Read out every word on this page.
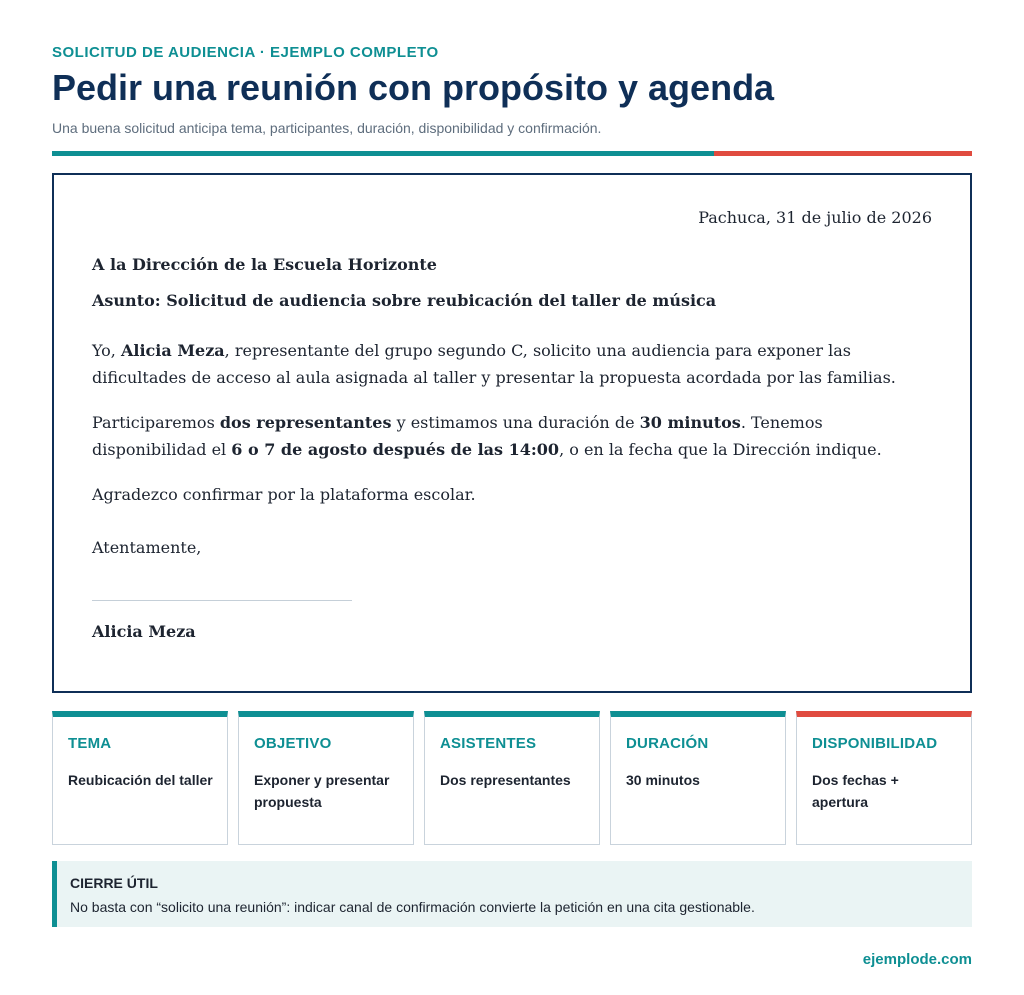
SOLICITUD DE AUDIENCIA · EJEMPLO COMPLETO
Pedir una reunión con propósito y agenda
Una buena solicitud anticipa tema, participantes, duración, disponibilidad y confirmación.
Pachuca, 31 de julio de 2026
A la Dirección de la Escuela Horizonte
Asunto: Solicitud de audiencia sobre reubicación del taller de música

Yo, Alicia Meza, representante del grupo segundo C, solicito una audiencia para exponer las dificultades de acceso al aula asignada al taller y presentar la propuesta acordada por las familias.

Participaremos dos representantes y estimamos una duración de 30 minutos. Tenemos disponibilidad el 6 o 7 de agosto después de las 14:00, o en la fecha que la Dirección indique.

Agradezco confirmar por la plataforma escolar.

Atentamente,

Alicia Meza
TEMA
Reubicación del taller
OBJETIVO
Exponer y presentar propuesta
ASISTENTES
Dos representantes
DURACIÓN
30 minutos
DISPONIBILIDAD
Dos fechas + apertura
CIERRE ÚTIL
No basta con “solicito una reunión”: indicar canal de confirmación convierte la petición en una cita gestionable.
ejemplode.com
